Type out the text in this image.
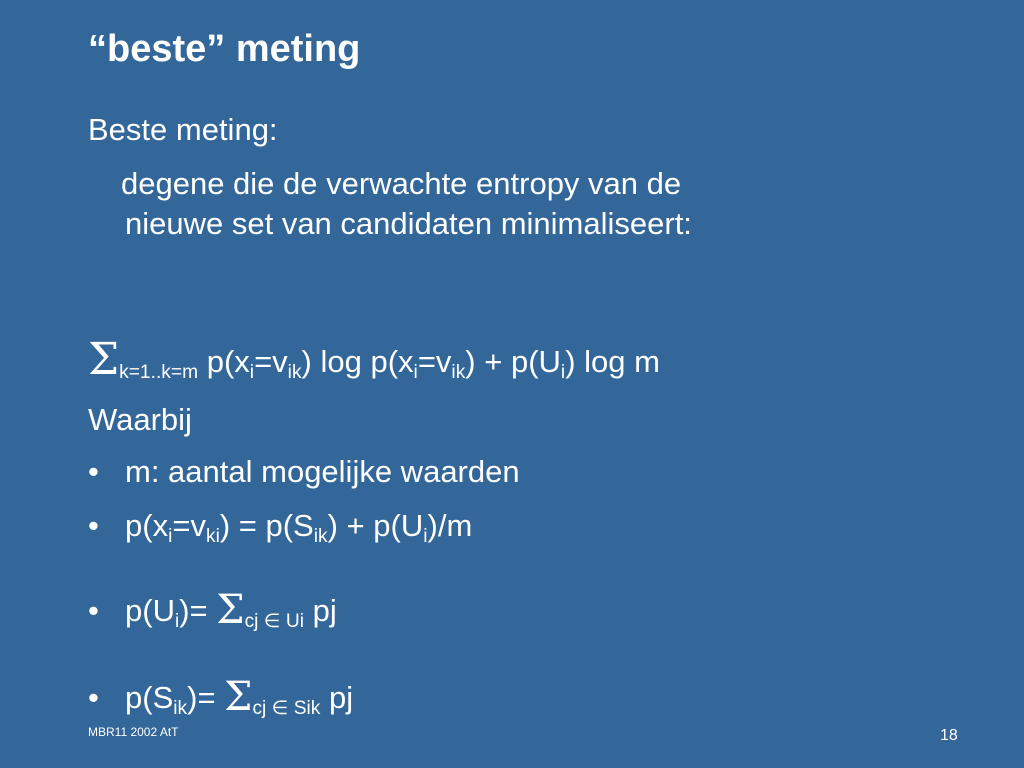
“beste” meting
Beste meting:
degene die de verwachte entropy van de
nieuwe set van candidaten minimaliseert:
$\Sigma_{k=1..k=m}$ $p(x_i=v_{ik})$ $\log p(x_i=v_{ik}) + p(U_i)$ log m
Waarbij
• m: aantal mogelijke waarden
• $p(x_i=v_{ki}) = p(S_{ik}) + p(U_i)/m$
• $p(U_i)= \Sigma_{cj \in Ui}$ pj
• $p(S_{ik})= \Sigma_{cj \in Sik}$ pj
MBR11 2002 AtT	18
